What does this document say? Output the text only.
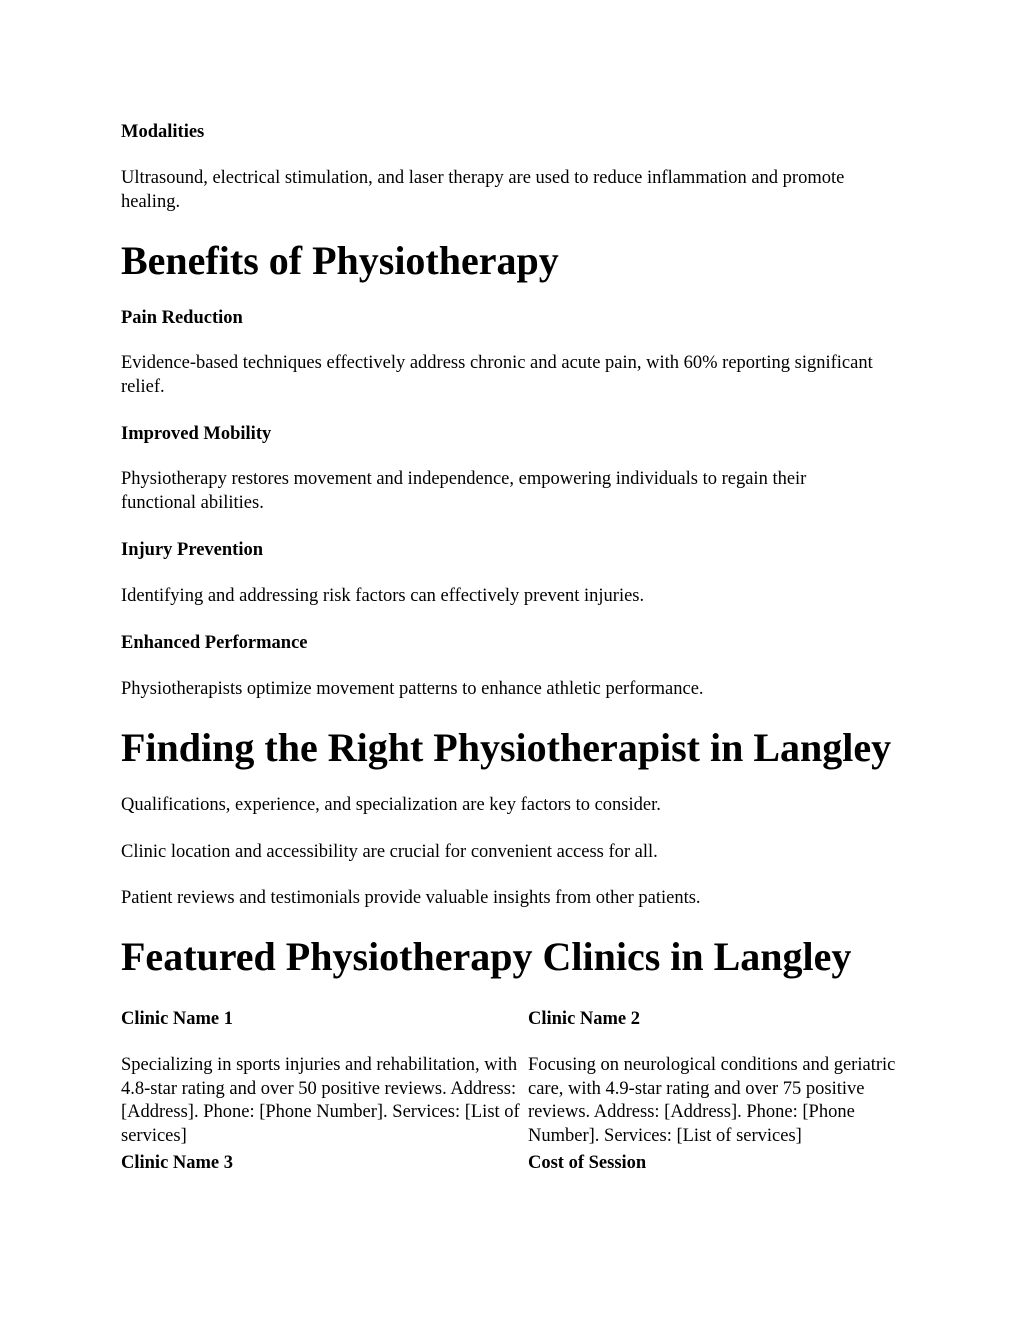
Modalities

Ultrasound, electrical stimulation, and laser therapy are used to reduce inflammation and promote healing.

Benefits of Physiotherapy

Pain Reduction

Evidence-based techniques effectively address chronic and acute pain, with 60% reporting significant relief.

Improved Mobility

Physiotherapy restores movement and independence, empowering individuals to regain their functional abilities.

Injury Prevention

Identifying and addressing risk factors can effectively prevent injuries.

Enhanced Performance

Physiotherapists optimize movement patterns to enhance athletic performance.

Finding the Right Physiotherapist in Langley

Qualifications, experience, and specialization are key factors to consider.

Clinic location and accessibility are crucial for convenient access for all.

Patient reviews and testimonials provide valuable insights from other patients.

Featured Physiotherapy Clinics in Langley

Clinic Name 1

Specializing in sports injuries and rehabilitation, with 4.8-star rating and over 50 positive reviews. Address: [Address]. Phone: [Phone Number]. Services: [List of services]

Clinic Name 2

Focusing on neurological conditions and geriatric care, with 4.9-star rating and over 75 positive reviews. Address: [Address]. Phone: [Phone Number]. Services: [List of services]

Clinic Name 3	Cost of Session
